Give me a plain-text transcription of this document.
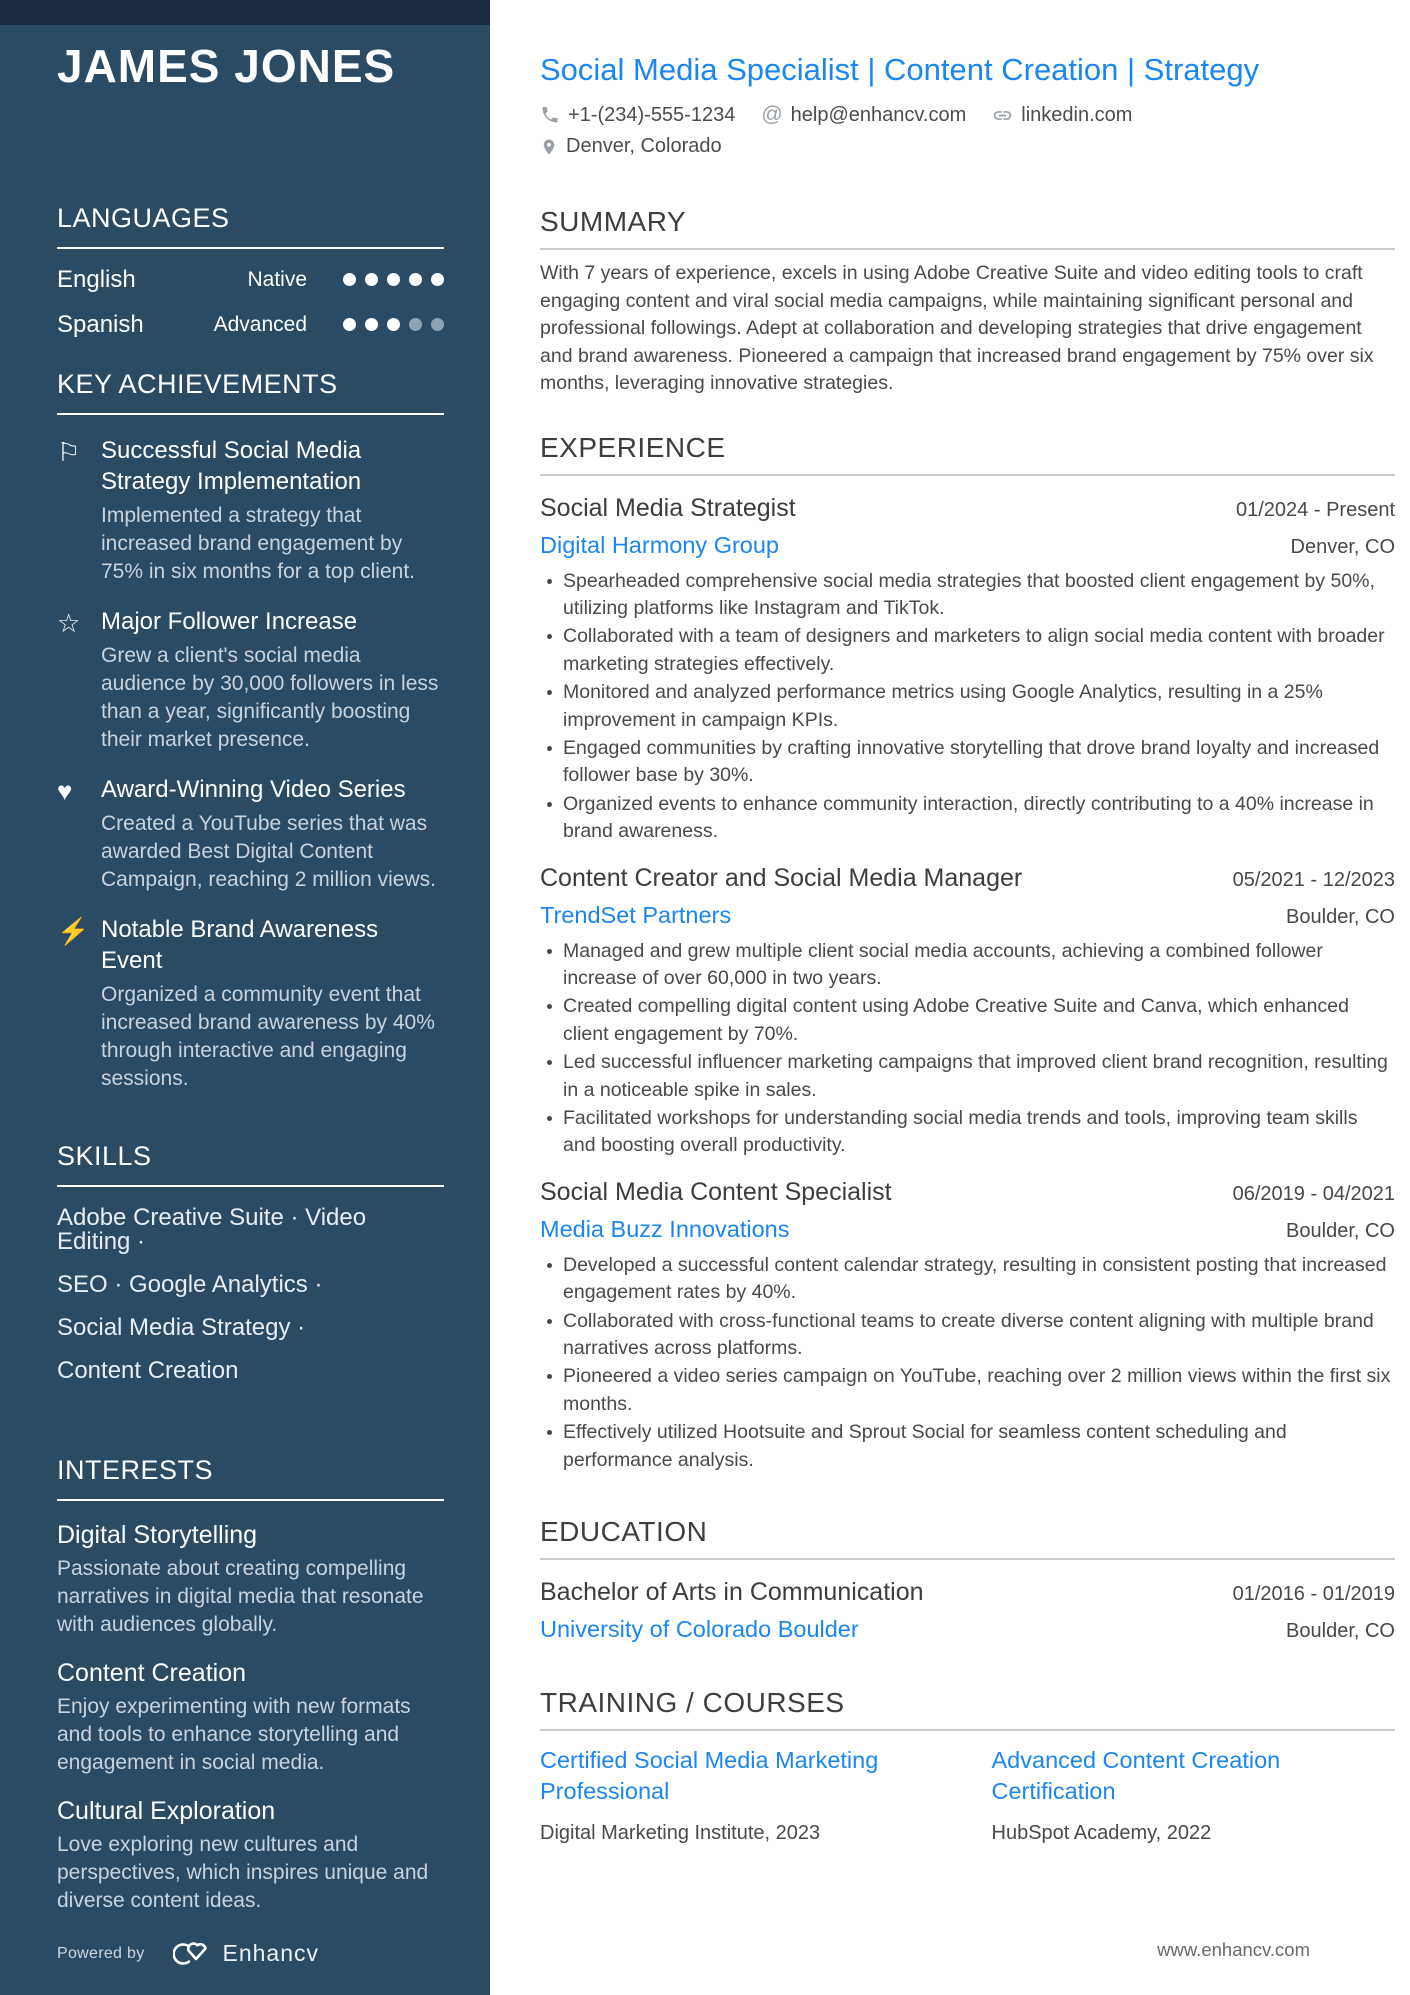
JAMES JONES
LANGUAGES
English	Native
Spanish	Advanced
KEY ACHIEVEMENTS
⚐ Successful Social Media Strategy Implementation
Implemented a strategy that increased brand engagement by 75% in six months for a top client.
☆ Major Follower Increase
Grew a client's social media audience by 30,000 followers in less than a year, significantly boosting their market presence.
♥	Award-Winning Video Series
Created a YouTube series that was awarded Best Digital Content Campaign, reaching 2 million views.
⚡ Notable Brand Awareness Event
Organized a community event that increased brand awareness by 40% through interactive and engaging sessions.
SKILLS
Adobe Creative Suite · Video Editing ·
SEO · Google Analytics ·
Social Media Strategy ·
Content Creation
INTERESTS
Digital Storytelling
Passionate about creating compelling narratives in digital media that resonate with audiences globally.
Content Creation
Enjoy experimenting with new formats and tools to enhance storytelling and engagement in social media.
Cultural Exploration
Love exploring new cultures and perspectives, which inspires unique and diverse content ideas.
Powered by	Enhancv
Social Media Specialist | Content Creation | Strategy
+1-(234)-555-1234 @ help@enhancv.com	linkedin.com
Denver, Colorado
SUMMARY

With 7 years of experience, excels in using Adobe Creative Suite and video editing tools to craft engaging content and viral social media campaigns, while maintaining significant personal and professional followings. Adept at collaboration and developing strategies that drive engagement and brand awareness. Pioneered a campaign that increased brand engagement by 75% over six months, leveraging innovative strategies.

EXPERIENCE
Social Media Strategist	01/2024 - Present
Digital Harmony Group	Denver, CO
Spearheaded comprehensive social media strategies that boosted client engagement by 50%, utilizing platforms like Instagram and TikTok.
Collaborated with a team of designers and marketers to align social media content with broader marketing strategies effectively.
Monitored and analyzed performance metrics using Google Analytics, resulting in a 25% improvement in campaign KPIs.
Engaged communities by crafting innovative storytelling that drove brand loyalty and increased follower base by 30%.
Organized events to enhance community interaction, directly contributing to a 40% increase in brand awareness.
Content Creator and Social Media Manager	05/2021 - 12/2023
TrendSet Partners	Boulder, CO
Managed and grew multiple client social media accounts, achieving a combined follower increase of over 60,000 in two years.
Created compelling digital content using Adobe Creative Suite and Canva, which enhanced client engagement by 70%.
Led successful influencer marketing campaigns that improved client brand recognition, resulting in a noticeable spike in sales.
Facilitated workshops for understanding social media trends and tools, improving team skills and boosting overall productivity.
Social Media Content Specialist	06/2019 - 04/2021
Media Buzz Innovations	Boulder, CO
Developed a successful content calendar strategy, resulting in consistent posting that increased engagement rates by 40%.
Collaborated with cross-functional teams to create diverse content aligning with multiple brand narratives across platforms.
Pioneered a video series campaign on YouTube, reaching over 2 million views within the first six months.
Effectively utilized Hootsuite and Sprout Social for seamless content scheduling and performance analysis.
EDUCATION
Bachelor of Arts in Communication	01/2016 - 01/2019
University of Colorado Boulder	Boulder, CO
TRAINING / COURSES
Certified Social Media Marketing Professional
Digital Marketing Institute, 2023
Advanced Content Creation Certification
HubSpot Academy, 2022
www.enhancv.com
